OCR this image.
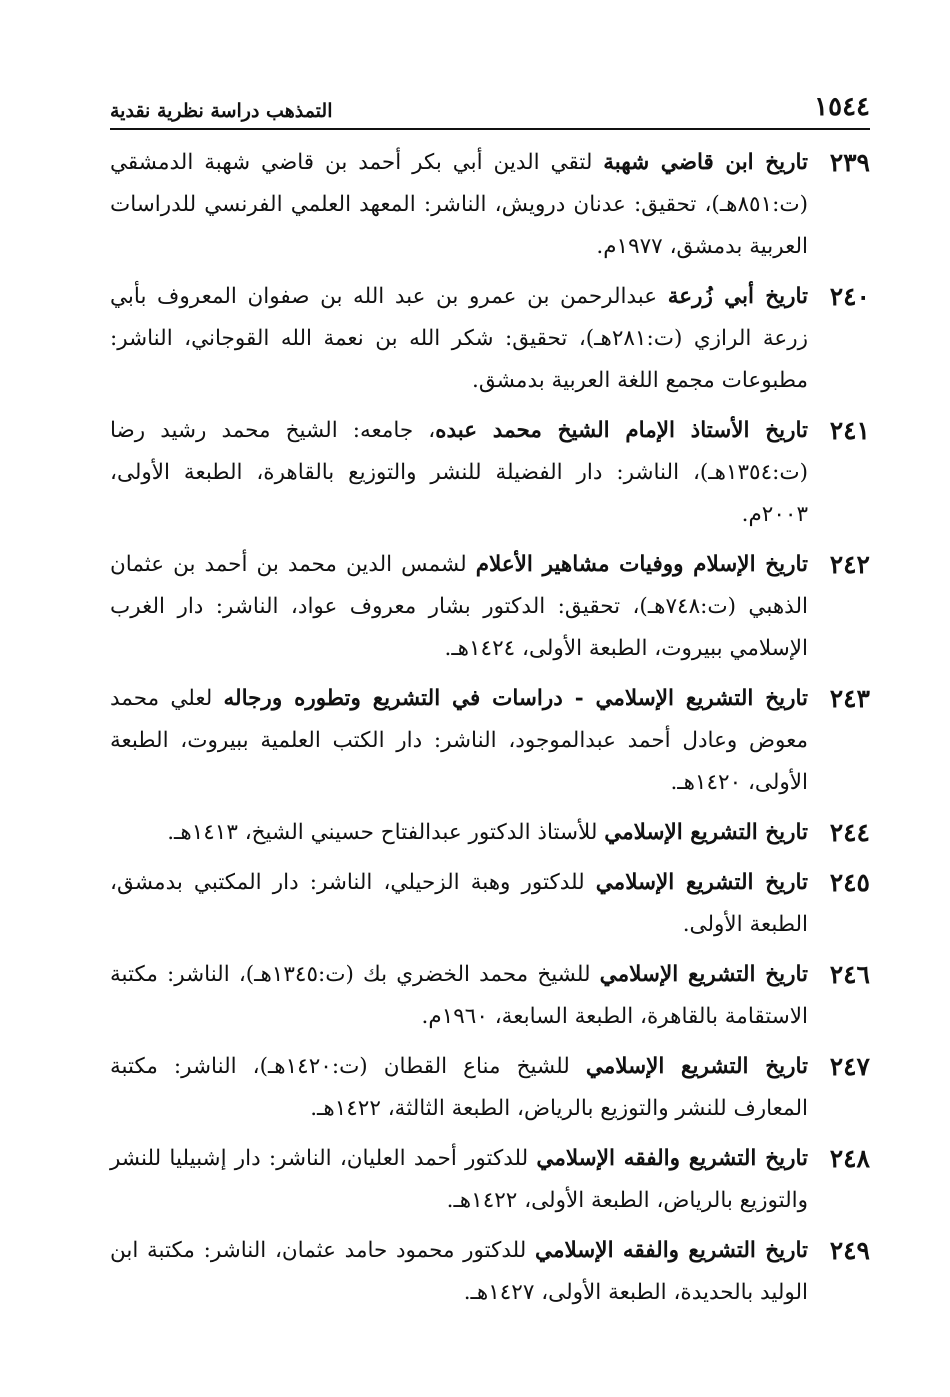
١٥٤٤
التمذهب دراسة نظرية نقدية
٢٣٩
تاريخ ابن قاضي شهبة لتقي الدين أبي بكر أحمد بن قاضي شهبة الدمشقي (ت:٨٥١هـ)، تحقيق: عدنان درويش، الناشر: المعهد العلمي الفرنسي للدراسات العربية بدمشق، ١٩٧٧م.
٢٤٠
تاريخ أبي زُرعة عبدالرحمن بن عمرو بن عبد الله بن صفوان المعروف بأبي زرعة الرازي (ت:٢٨١هـ)، تحقيق: شكر الله بن نعمة الله القوجاني، الناشر: مطبوعات مجمع اللغة العربية بدمشق.
٢٤١
تاريخ الأستاذ الإمام الشيخ محمد عبده، جامعه: الشيخ محمد رشيد رضا (ت:١٣٥٤هـ)، الناشر: دار الفضيلة للنشر والتوزيع بالقاهرة، الطبعة الأولى، ٢٠٠٣م.
٢٤٢
تاريخ الإسلام ووفيات مشاهير الأعلام لشمس الدين محمد بن أحمد بن عثمان الذهبي (ت:٧٤٨هـ)، تحقيق: الدكتور بشار معروف عواد، الناشر: دار الغرب الإسلامي ببيروت، الطبعة الأولى، ١٤٢٤هـ.
٢٤٣
تاريخ التشريع الإسلامي - دراسات في التشريع وتطوره ورجاله لعلي محمد معوض وعادل أحمد عبدالموجود، الناشر: دار الكتب العلمية ببيروت، الطبعة الأولى، ١٤٢٠هـ.
٢٤٤
تاريخ التشريع الإسلامي للأستاذ الدكتور عبدالفتاح حسيني الشيخ، ١٤١٣هـ.
٢٤٥
تاريخ التشريع الإسلامي للدكتور وهبة الزحيلي، الناشر: دار المكتبي بدمشق، الطبعة الأولى.
٢٤٦
تاريخ التشريع الإسلامي للشيخ محمد الخضري بك (ت:١٣٤٥هـ)، الناشر: مكتبة الاستقامة بالقاهرة، الطبعة السابعة، ١٩٦٠م.
٢٤٧
تاريخ التشريع الإسلامي للشيخ مناع القطان (ت:١٤٢٠هـ)، الناشر: مكتبة المعارف للنشر والتوزيع بالرياض، الطبعة الثالثة، ١٤٢٢هـ.
٢٤٨
تاريخ التشريع والفقه الإسلامي للدكتور أحمد العليان، الناشر: دار إشبيليا للنشر والتوزيع بالرياض، الطبعة الأولى، ١٤٢٢هـ.
٢٤٩
تاريخ التشريع والفقه الإسلامي للدكتور محمود حامد عثمان، الناشر: مكتبة ابن الوليد بالحديدة، الطبعة الأولى، ١٤٢٧هـ.
